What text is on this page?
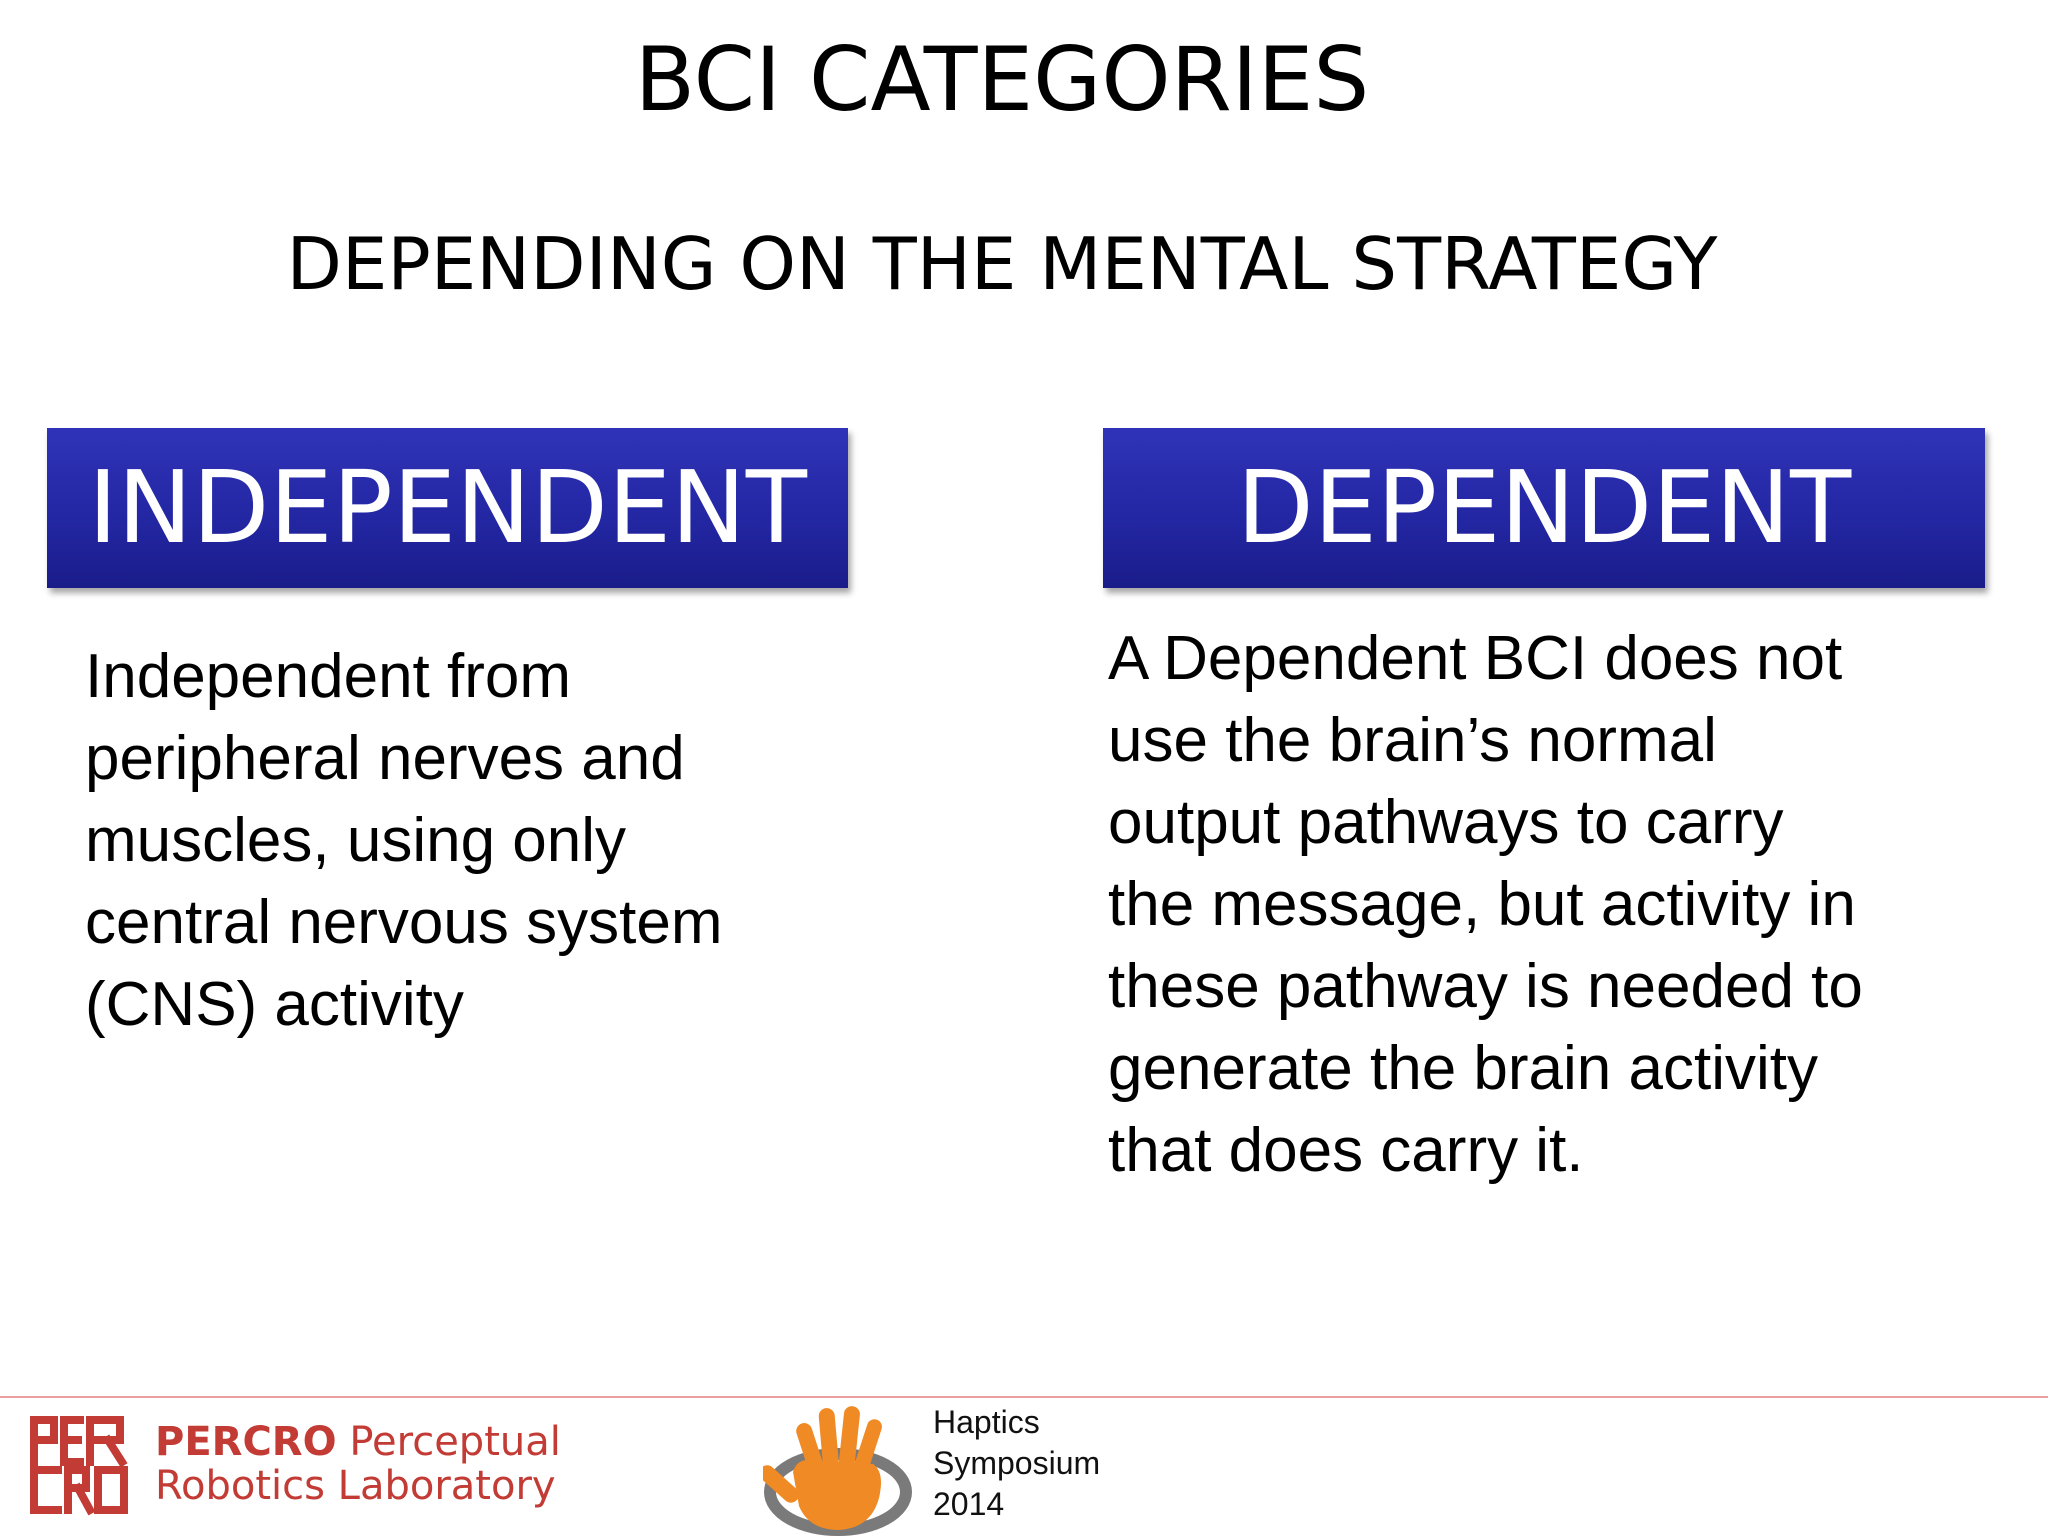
BCI CATEGORIES
DEPENDING ON THE MENTAL STRATEGY
INDEPENDENT	DEPENDENT
Independent from
peripheral nerves and
muscles, using only
central nervous system
(CNS) activity
A Dependent BCI does not
use the brain’s normal
output pathways to carry
the message, but activity in
these pathway is needed to
generate the brain activity
that does carry it.
PERCRO Perceptual
Robotics Laboratory
Haptics
Symposium
2014
